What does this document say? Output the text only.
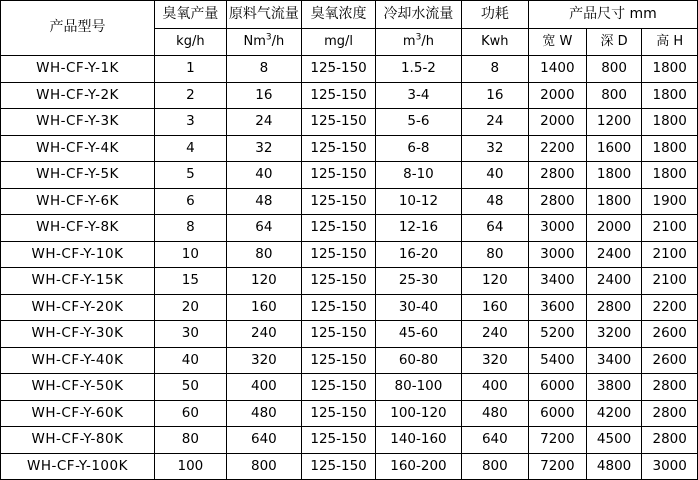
产品型号	臭氧产量	原料气流量	臭氧浓度	冷却水流量	功耗	产品尺寸 mm		
	kg/h	Nm$^3$/h	mg/l	$m^3/h$	Kwh	宽 W	深 D	高 H
WH-CF-Y-1K	1	8	125-150	1.5-2	8	1400	800	1800
WH-CF-Y-2K	2	16	125-150	3-4	16	2000	800	1800
WH-CF-Y-3K	3	24	125-150	5-6	24	2000	1200	1800
WH-CF-Y-4K	4	32	125-150	6-8	32	2200	1600	1800
WH-CF-Y-5K	5	40	125-150	8-10	40	2800	1800	1800
WH-CF-Y-6K	6	48	125-150	10-12	48	2800	1800	1900
WH-CF-Y-8K	8	64	125-150	12-16	64	3000	2000	2100
WH-CF-Y-10K	10	80	125-150	16-20	80	3000	2400	2100
WH-CF-Y-15K	15	120	125-150	25-30	120	3400	2400	2100
WH-CF-Y-20K	20	160	125-150	30-40	160	3600	2800	2200
WH-CF-Y-30K	30	240	125-150	45-60	240	5200	3200	2600
WH-CF-Y-40K	40	320	125-150	60-80	320	5400	3400	2600
WH-CF-Y-50K	50	400	125-150	80-100	400	6000	3800	2800
WH-CF-Y-60K	60	480	125-150	100-120	480	6000	4200	2800
WH-CF-Y-80K	80	640	125-150	140-160	640	7200	4500	2800
WH-CF-Y-100K	100	800	125-150	160-200	800	7200	4800	3000
